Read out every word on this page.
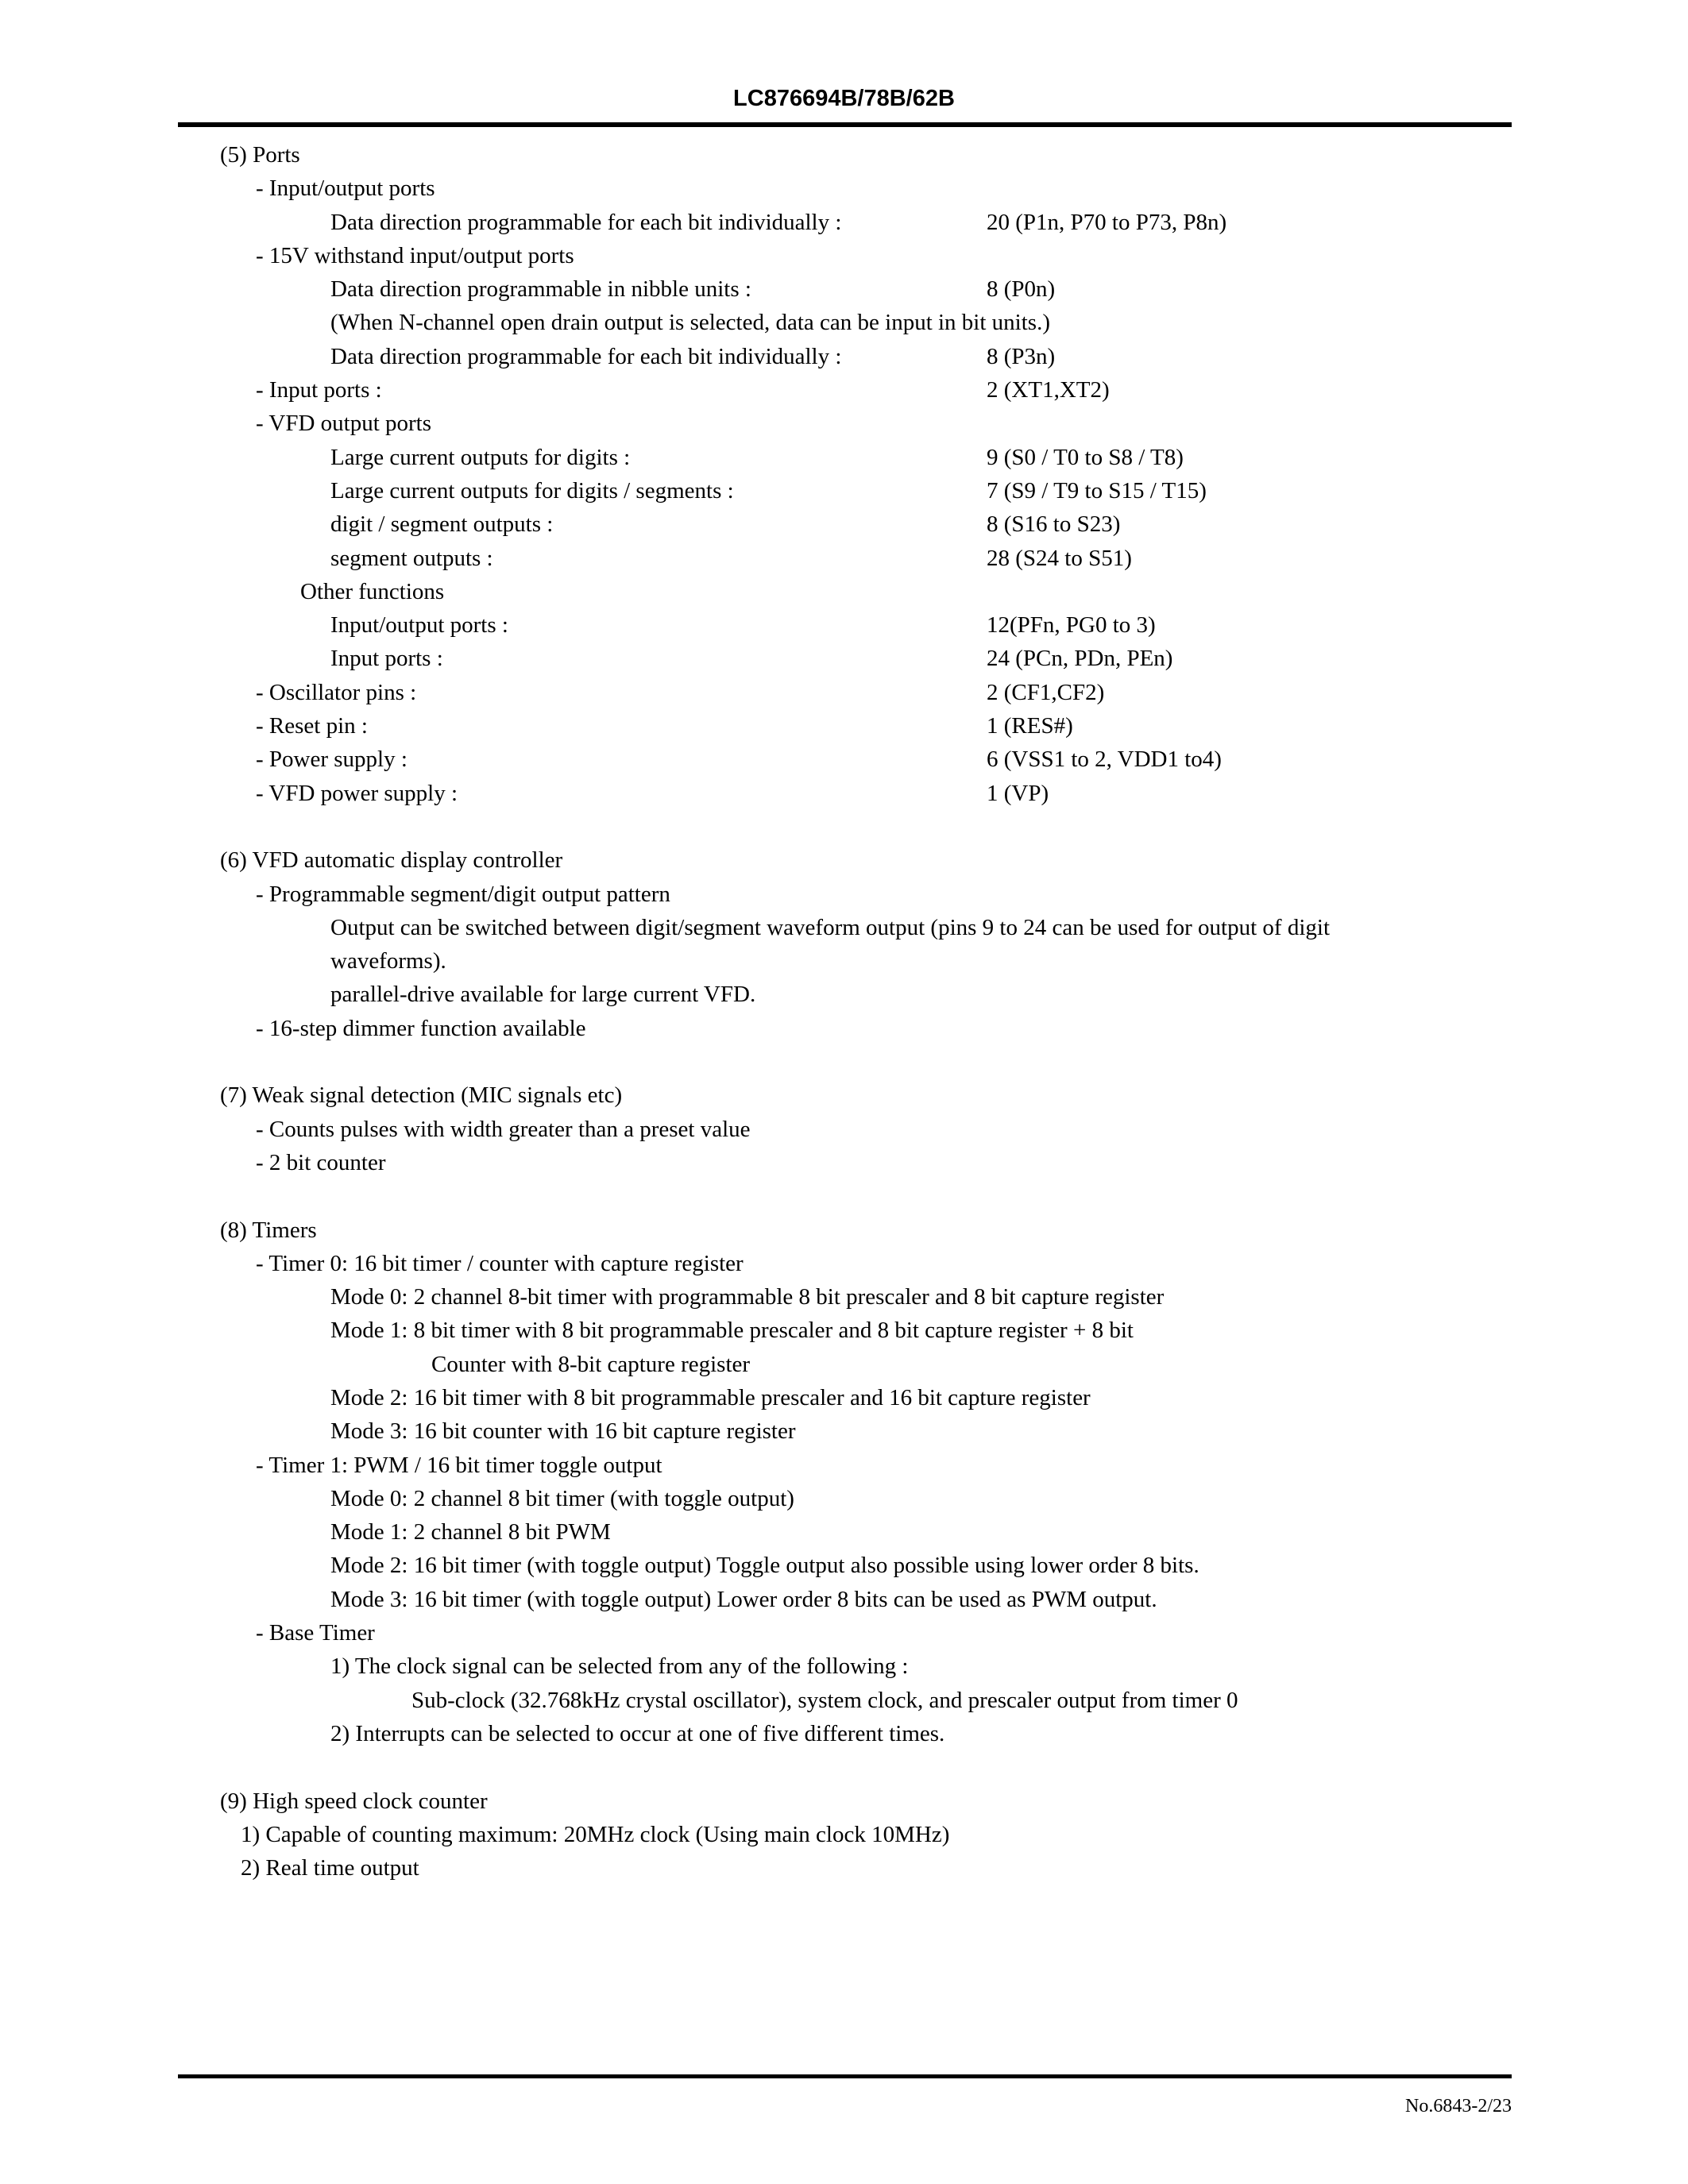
LC876694B/78B/62B
(5) Ports
- Input/output ports
Data direction programmable for each bit individually :	20 (P1n, P70 to P73, P8n)
- 15V withstand input/output ports
Data direction programmable in nibble units :	8 (P0n)
(When N-channel open drain output is selected, data can be input in bit units.)
Data direction programmable for each bit individually :	8 (P3n)
- Input ports :	2 (XT1,XT2)
- VFD output ports
Large current outputs for digits :	9 (S0 / T0 to S8 / T8)
Large current outputs for digits / segments :	7 (S9 / T9 to S15 / T15)
digit / segment outputs :	8 (S16 to S23)
segment outputs :	28 (S24 to S51)
Other functions
Input/output ports :	12(PFn, PG0 to 3)
Input ports :	24 (PCn, PDn, PEn)
- Oscillator pins :	2 (CF1,CF2)
- Reset pin :	1 (RES#)
- Power supply :	6 (VSS1 to 2, VDD1 to4)
- VFD power supply :	1 (VP)
(6) VFD automatic display controller
- Programmable segment/digit output pattern
Output can be switched between digit/segment waveform output (pins 9 to 24 can be used for output of digit
waveforms).
parallel-drive available for large current VFD.
- 16-step dimmer function available
(7) Weak signal detection (MIC signals etc)
- Counts pulses with width greater than a preset value
- 2 bit counter
(8) Timers
- Timer 0: 16 bit timer / counter with capture register
Mode 0: 2 channel 8-bit timer with programmable 8 bit prescaler and 8 bit capture register
Mode 1: 8 bit timer with 8 bit programmable prescaler and 8 bit capture register + 8 bit
Counter with 8-bit capture register
Mode 2: 16 bit timer with 8 bit programmable prescaler and 16 bit capture register
Mode 3: 16 bit counter with 16 bit capture register
- Timer 1: PWM / 16 bit timer toggle output
Mode 0: 2 channel 8 bit timer (with toggle output)
Mode 1: 2 channel 8 bit PWM
Mode 2: 16 bit timer (with toggle output) Toggle output also possible using lower order 8 bits.
Mode 3: 16 bit timer (with toggle output) Lower order 8 bits can be used as PWM output.
- Base Timer
1) The clock signal can be selected from any of the following :
Sub-clock (32.768kHz crystal oscillator), system clock, and prescaler output from timer 0
2) Interrupts can be selected to occur at one of five different times.
(9) High speed clock counter
1) Capable of counting maximum: 20MHz clock (Using main clock 10MHz)
2) Real time output
No.6843-2/23
